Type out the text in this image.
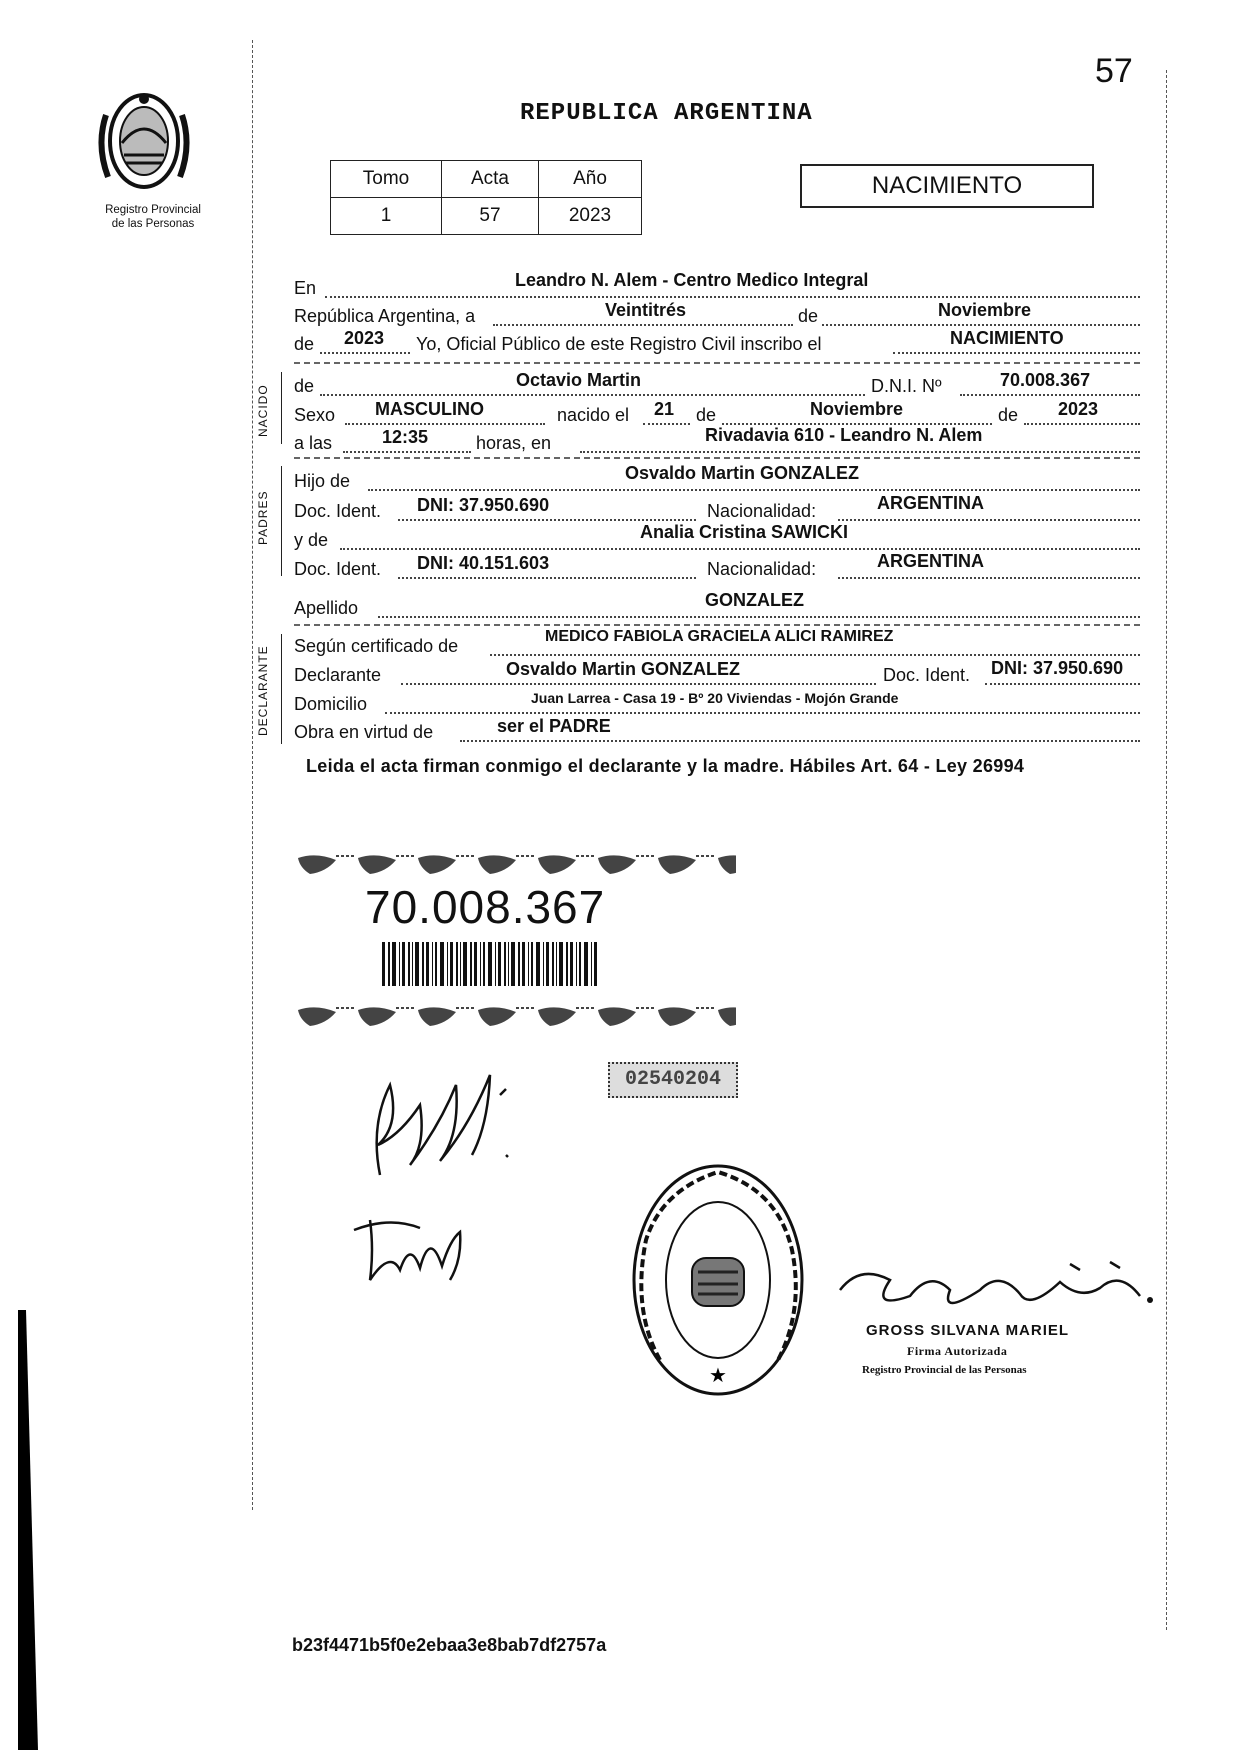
57
REPUBLICA ARGENTINA
Registro Provincial
de las Personas
Tomo	Acta	Año
1	57	2023
NACIMIENTO
NACIDO
PADRES
DECLARANTE
En	Leandro N. Alem - Centro Medico Integral
República Argentina, a	Veintitrés	de	Noviembre
de 2023 Yo, Oficial Público de este Registro Civil inscribo el	NACIMIENTO
de	Octavio Martin	D.N.I. Nº	70.008.367
Sexo MASCULINO	nacido el 21 de	Noviembre	de 2023
a las	12:35	horas, en	Rivadavia 610 - Leandro N. Alem
Hijo de	Osvaldo Martin GONZALEZ
Doc. Ident. DNI: 37.950.690	Nacionalidad:	ARGENTINA
y de	Analia Cristina SAWICKI
Doc. Ident. DNI: 40.151.603	Nacionalidad:	ARGENTINA
Apellido	GONZALEZ
Según certificado de	MEDICO FABIOLA GRACIELA ALICI RAMIREZ
Declarante	Osvaldo Martin GONZALEZ	Doc. Ident. DNI: 37.950.690
Domicilio	Juan Larrea - Casa 19 - Bº 20 Viviendas - Mojón Grande
Obra en virtud de	ser el PADRE
Leida el acta firman conmigo el declarante y la madre. Hábiles Art. 64 - Ley 26994
70.008.367
02540204
★
GROSS SILVANA MARIEL
Firma Autorizada
Registro Provincial de las Personas
b23f4471b5f0e2ebaa3e8bab7df2757a
